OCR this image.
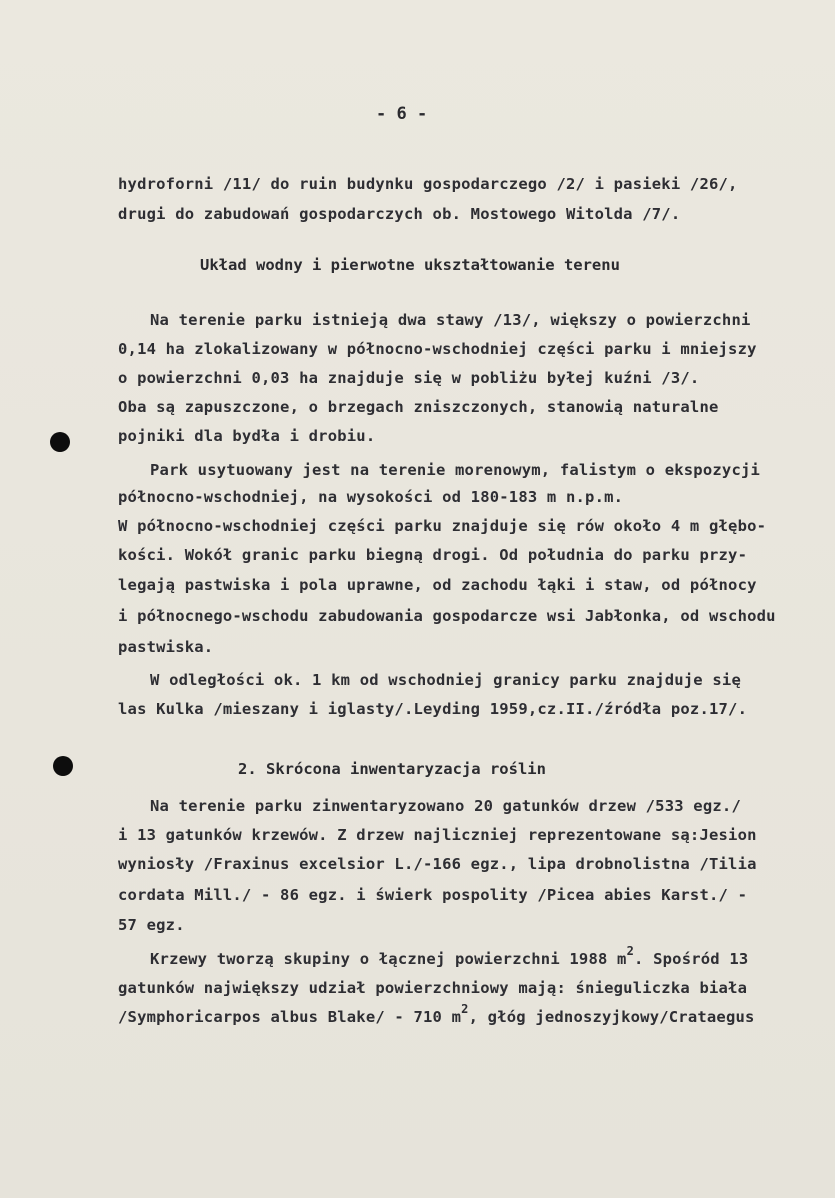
- 6 -
hydroforni /11/ do ruin budynku gospodarczego /2/ i pasieki /26/,
drugi do zabudowań gospodarczych ob. Mostowego Witolda /7/.
Układ wodny i pierwotne ukształtowanie terenu
Na terenie parku istnieją dwa stawy /13/, większy o powierzchni
0,14 ha zlokalizowany w północno-wschodniej części parku i mniejszy
o powierzchni 0,03 ha znajduje się w pobliżu byłej kuźni /3/.
Oba są zapuszczone, o brzegach zniszczonych, stanowią naturalne
pojniki dla bydła i drobiu.
Park usytuowany jest na terenie morenowym, falistym o ekspozycji
północno-wschodniej, na wysokości od 180-183 m n.p.m.
W północno-wschodniej części parku znajduje się rów około 4 m głębo-
kości. Wokół granic parku biegną drogi. Od południa do parku przy-
legają pastwiska i pola uprawne, od zachodu łąki i staw, od północy
i północnego-wschodu zabudowania gospodarcze wsi Jabłonka, od wschodu
pastwiska.
W odległości ok. 1 km od wschodniej granicy parku znajduje się
las Kulka /mieszany i iglasty/.Leyding 1959,cz.II./źródła poz.17/.
2. Skrócona inwentaryzacja roślin
Na terenie parku zinwentaryzowano 20 gatunków drzew /533 egz./
i 13 gatunków krzewów. Z drzew najliczniej reprezentowane są:Jesion
wyniosły /Fraxinus excelsior L./-166 egz., lipa drobnolistna /Tilia
cordata Mill./ - 86 egz. i świerk pospolity /Picea abies Karst./ -
57 egz.
Krzewy tworzą skupiny o łącznej powierzchni 1988 $m^2$. Spośród 13
gatunków największy udział powierzchniowy mają: śnieguliczka biała
/Symphoricarpos albus Blake/ - 710 $m^2$, głóg jednoszyjkowy/Crataegus
